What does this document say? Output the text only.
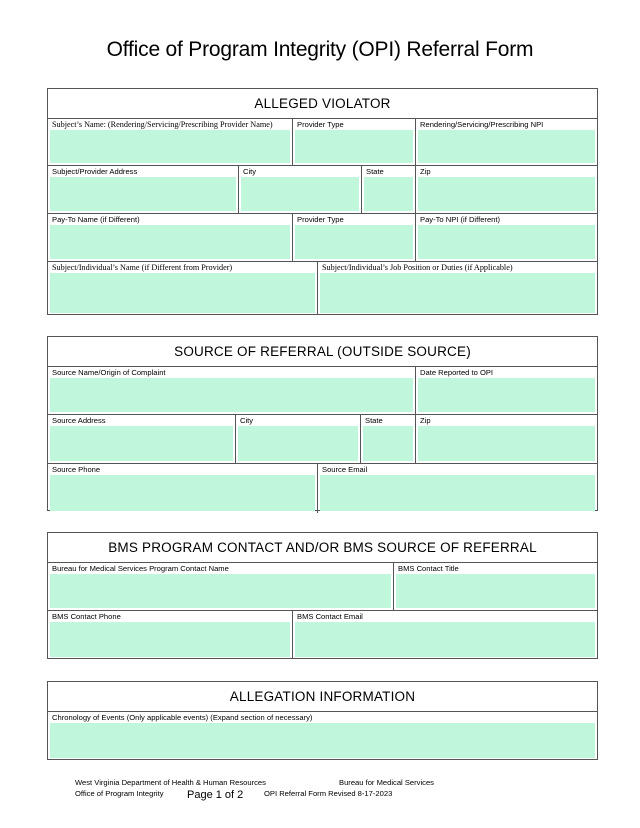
Office of Program Integrity (OPI) Referral Form
ALLEGED VIOLATOR
Subject’s Name: (Rendering/Servicing/Prescribing Provider Name)	Provider Type	Rendering/Servicing/Prescribing NPI
Subject/Provider Address	City	State	Zip
Pay-To Name (if Different)	Provider Type	Pay-To NPI (if Different)
Subject/Individual’s Name (if Different from Provider)	Subject/Individual’s Job Position or Duties (if Applicable)
SOURCE OF REFERRAL (OUTSIDE SOURCE)
Source Name/Origin of Complaint	Date Reported to OPI
Source Address	City	State	Zip
Source Phone	Source Email
BMS PROGRAM CONTACT AND/OR BMS SOURCE OF REFERRAL
Bureau for Medical Services Program Contact Name	BMS Contact Title
BMS Contact Phone	BMS Contact Email
ALLEGATION INFORMATION
Chronology of Events (Only applicable events) (Expand section of necessary)
West Virginia Department of Health & Human Resources	Bureau for Medical Services
Office of Program Integrity Page 1 of 2	OPI Referral Form Revised 8-17-2023
